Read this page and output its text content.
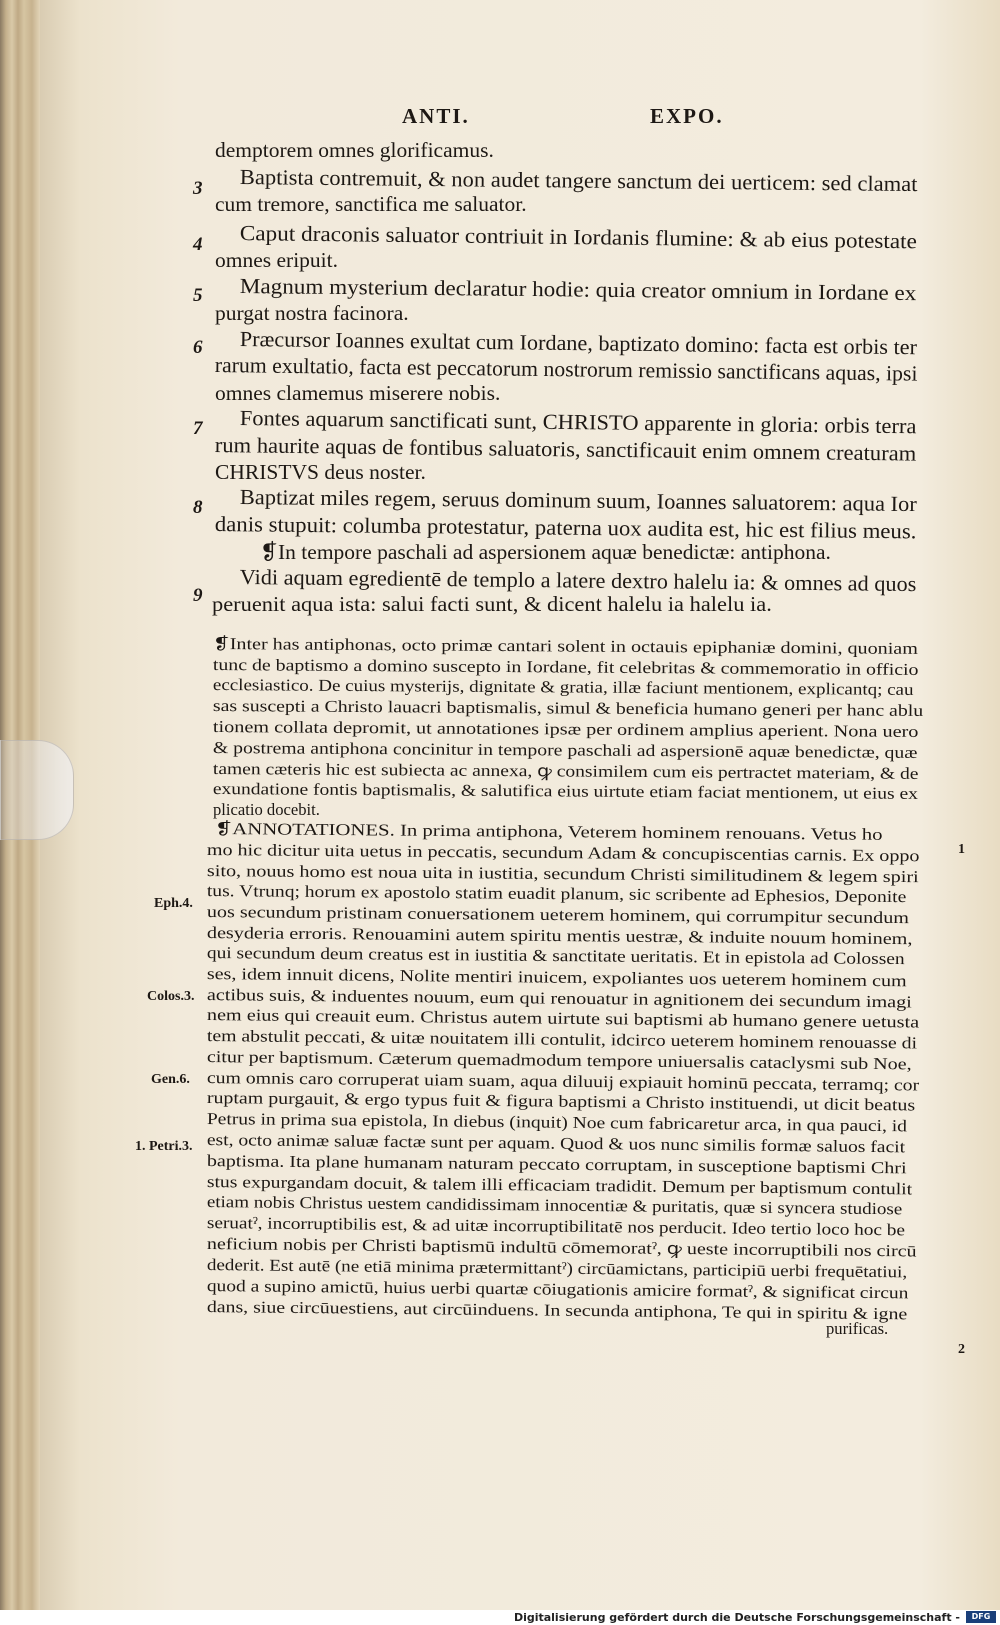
ANTI.	EXPO.
demptorem omnes glorificamus.
Baptista contremuit, & non audet tangere sanctum dei uerticem: sed clamat
cum tremore, sanctifica me saluator.
Caput draconis saluator contriuit in Iordanis flumine: & ab eius potestate
omnes eripuit.
Magnum mysterium declaratur hodie: quia creator omnium in Iordane ex
purgat nostra facinora.
Præcursor Ioannes exultat cum Iordane, baptizato domino: facta est orbis ter
rarum exultatio, facta est peccatorum nostrorum remissio sanctificans aquas, ipsi
omnes clamemus miserere nobis.
Fontes aquarum sanctificati sunt, CHRISTO apparente in gloria: orbis terra
rum haurite aquas de fontibus saluatoris, sanctificauit enim omnem creaturam
CHRISTVS deus noster.
Baptizat miles regem, seruus dominum suum, Ioannes saluatorem: aqua Ior
danis stupuit: columba protestatur, paterna uox audita est, hic est filius meus.
❡In tempore paschali ad aspersionem aquæ benedictæ: antiphona.
Vidi aquam egredientē de templo a latere dextro halelu ia: & omnes ad quos
peruenit aqua ista: salui facti sunt, & dicent halelu ia halelu ia.
❡Inter has antiphonas, octo primæ cantari solent in octauis epiphaniæ domini, quoniam
tunc de baptismo a domino suscepto in Iordane, fit celebritas & commemoratio in officio
ecclesiastico. De cuius mysterijs, dignitate & gratia, illæ faciunt mentionem, explicantq; cau
sas suscepti a Christo lauacri baptismalis, simul & beneficia humano generi per hanc ablu
tionem collata depromit, ut annotationes ipsæ per ordinem amplius aperient. Nona uero
& postrema antiphona concinitur in tempore paschali ad aspersionē aquæ benedictæ, quæ
tamen cæteris hic est subiecta ac annexa, ꝙ consimilem cum eis pertractet materiam, & de
exundatione fontis baptismalis, & salutifica eius uirtute etiam faciat mentionem, ut eius ex
plicatio docebit.
❡ANNOTATIONES. In prima antiphona, Veterem hominem renouans. Vetus ho
mo hic dicitur uita uetus in peccatis, secundum Adam & concupiscentias carnis. Ex oppo
sito, nouus homo est noua uita in iustitia, secundum Christi similitudinem & legem spiri
tus. Vtrunq; horum ex apostolo statim euadit planum, sic scribente ad Ephesios, Deponite
uos secundum pristinam conuersationem ueterem hominem, qui corrumpitur secundum
desyderia erroris. Renouamini autem spiritu mentis uestræ, & induite nouum hominem,
qui secundum deum creatus est in iustitia & sanctitate ueritatis. Et in epistola ad Colossen
ses, idem innuit dicens, Nolite mentiri inuicem, expoliantes uos ueterem hominem cum
actibus suis, & induentes nouum, eum qui renouatur in agnitionem dei secundum imagi
nem eius qui creauit eum. Christus autem uirtute sui baptismi ab humano genere uetusta
tem abstulit peccati, & uitæ nouitatem illi contulit, idcirco ueterem hominem renouasse di
citur per baptismum. Cæterum quemadmodum tempore uniuersalis cataclysmi sub Noe,
cum omnis caro corruperat uiam suam, aqua diluuij expiauit hominū peccata, terramq; cor
ruptam purgauit, & ergo typus fuit & figura baptismi a Christo instituendi, ut dicit beatus
Petrus in prima sua epistola, In diebus (inquit) Noe cum fabricaretur arca, in qua pauci, id
est, octo animæ saluæ factæ sunt per aquam. Quod & uos nunc similis formæ saluos facit
baptisma. Ita plane humanam naturam peccato corruptam, in susceptione baptismi Chri
stus expurgandam docuit, & talem illi efficaciam tradidit. Demum per baptismum contulit
etiam nobis Christus uestem candidissimam innocentiæ & puritatis, quæ si syncera studiose
seruatˀ, incorruptibilis est, & ad uitæ incorruptibilitatē nos perducit. Ideo tertio loco hoc be
neficium nobis per Christi baptismū indultū cōmemoratˀ, ꝙ ueste incorruptibili nos circū
dederit. Est autē (ne etiā minima prætermittantˀ) circūamictans, participiū uerbi frequētatiui,
quod a supino amictū, huius uerbi quartæ cōiugationis amicire formatˀ, & significat circun
dans, siue circūuestiens, aut circūinduens. In secunda antiphona, Te qui in spiritu & igne
purificas.
3
4
5
6
7
8
9
1
2
Eph.4.
Colos.3.
Gen.6.
1. Petri.3.
Digitalisierung gefördert durch die Deutsche Forschungsgemeinschaft -	DFG
